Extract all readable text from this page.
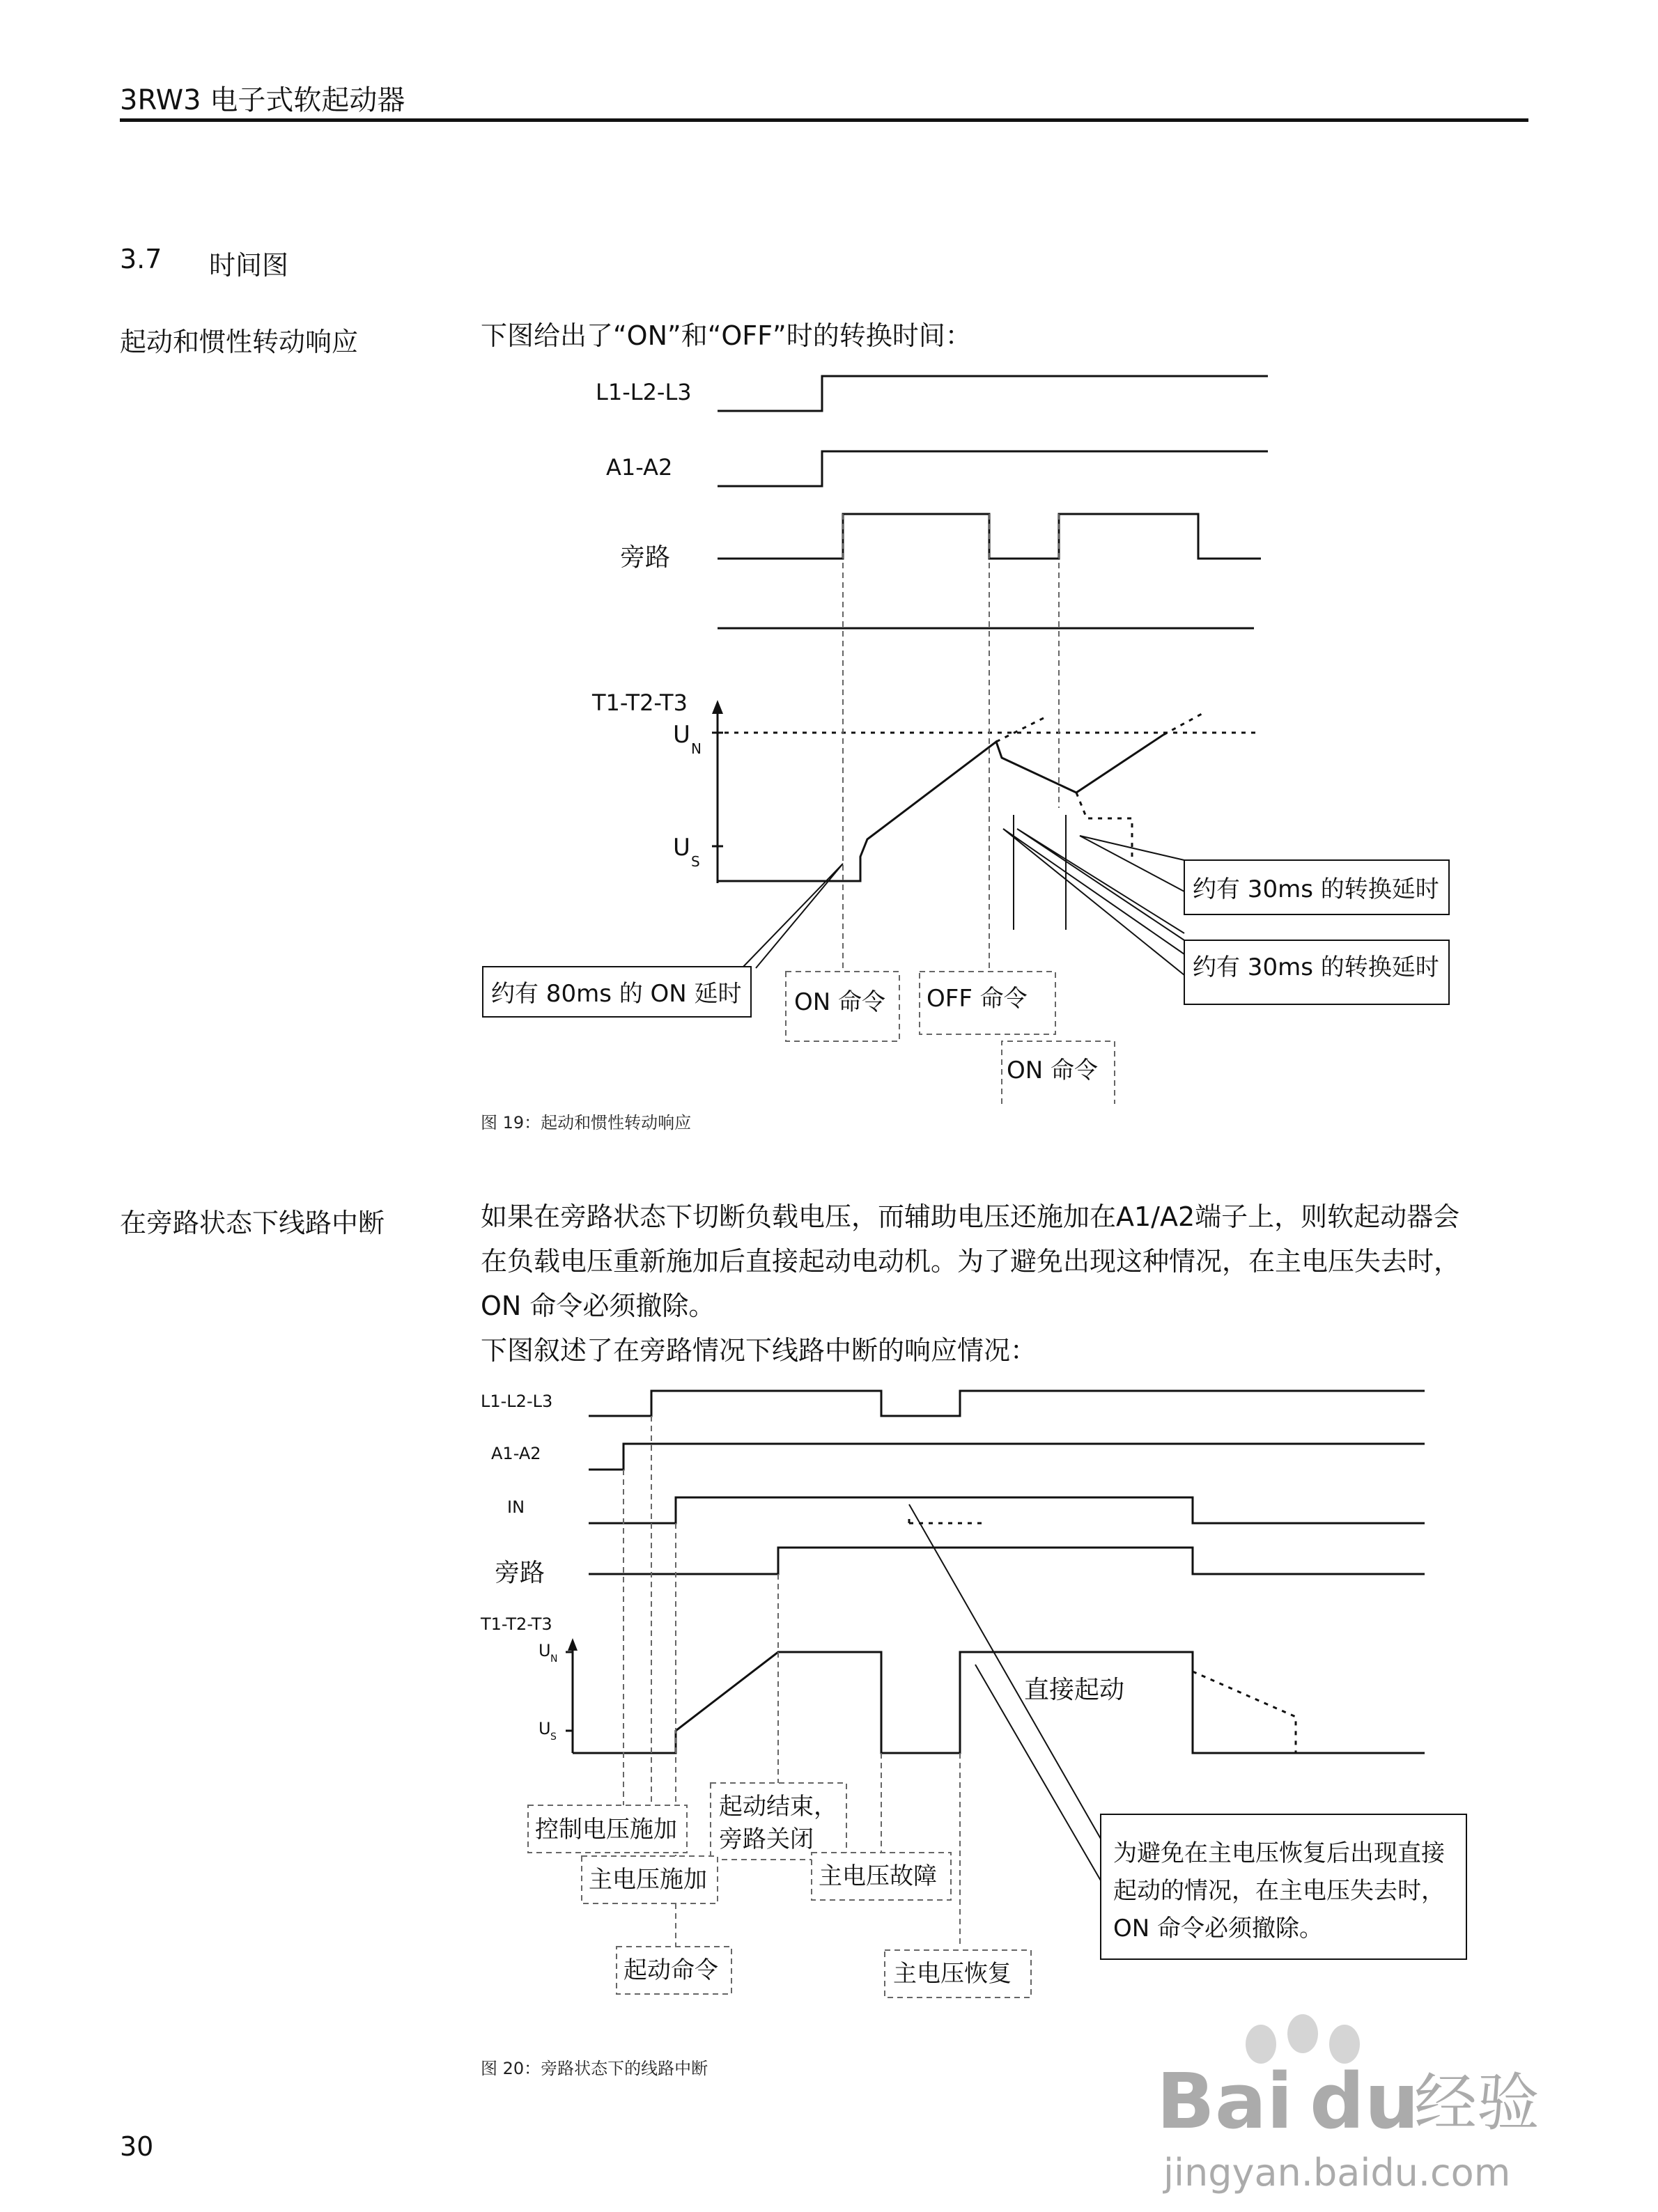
3RW3 电子式软起动器
3.7 时间图
起动和惯性转动响应	下图给出了“ON”和“OFF”时的转换时间：
L1-L2-L3
A1-A2
旁路
T1-T2-T3
U N
U S
约有 80ms 的 ON 延时 ON 命令 OFF 命令
ON 命令
约有 30ms 的转换延时
约有 30ms 的转换延时
图 19：起动和惯性转动响应
在旁路状态下线路中断	如果在旁路状态下切断负载电压，而辅助电压还施加在A1/A2端子上，则软起动器会
在负载电压重新施加后直接起动电动机。为了避免出现这种情况，在主电压失去时，
ON 命令必须撤除。
下图叙述了在旁路情况下线路中断的响应情况：
L1-L2-L3
A1-A2
IN
旁路
T1-T2-T3
U N
U S
直接起动
控制电压施加
起动结束，
旁路关闭
主电压施加	主电压故障
起动命令	主电压恢复
为避免在主电压恢复后出现直接
起动的情况，在主电压失去时，
ON 命令必须撤除。
图 20：旁路状态下的线路中断
30
Bai du
经验
jingyan.baidu.com
